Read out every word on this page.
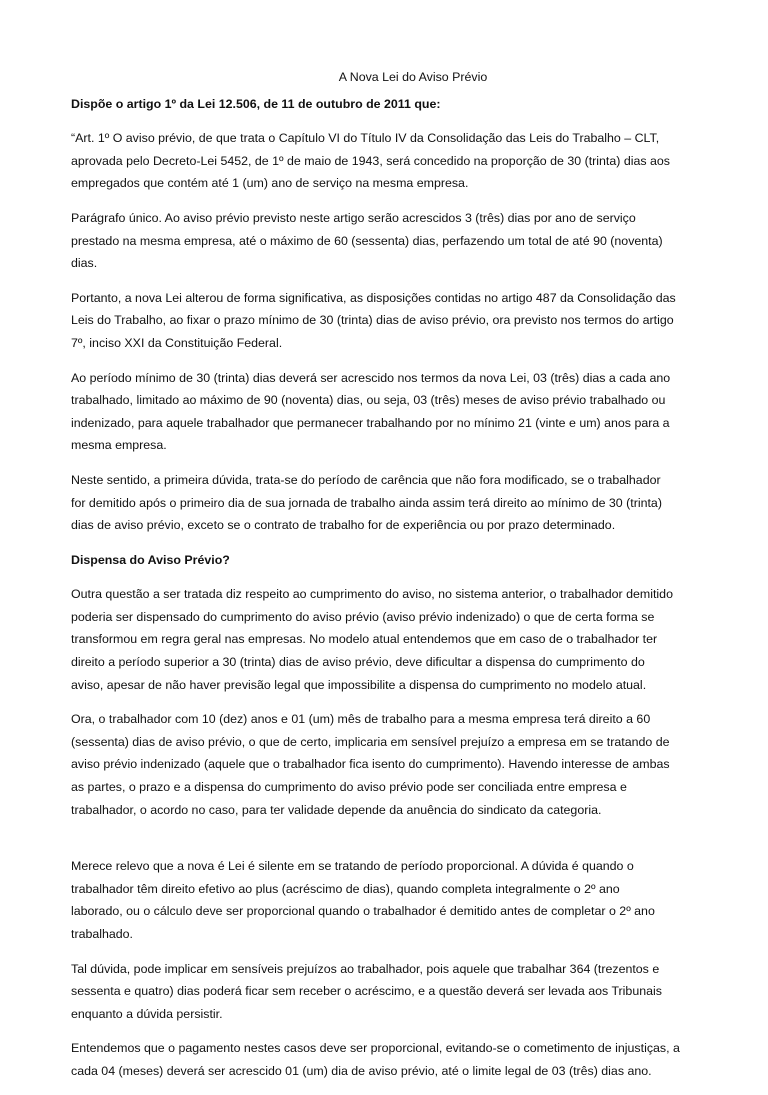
A Nova Lei do Aviso Prévio
Dispõe o artigo 1º da Lei 12.506, de 11 de outubro de 2011 que:
“Art. 1º O aviso prévio, de que trata o Capítulo VI do Título IV da Consolidação das Leis do Trabalho – CLT,
aprovada pelo Decreto-Lei 5452, de 1º de maio de 1943, será concedido na proporção de 30 (trinta) dias aos
empregados que contém até 1 (um) ano de serviço na mesma empresa.
Parágrafo único. Ao aviso prévio previsto neste artigo serão acrescidos 3 (três) dias por ano de serviço
prestado na mesma empresa, até o máximo de 60 (sessenta) dias, perfazendo um total de até 90 (noventa)
dias.
Portanto, a nova Lei alterou de forma significativa, as disposições contidas no artigo 487 da Consolidação das
Leis do Trabalho, ao fixar o prazo mínimo de 30 (trinta) dias de aviso prévio, ora previsto nos termos do artigo
7º, inciso XXI da Constituição Federal.
Ao período mínimo de 30 (trinta) dias deverá ser acrescido nos termos da nova Lei, 03 (três) dias a cada ano
trabalhado, limitado ao máximo de 90 (noventa) dias, ou seja, 03 (três) meses de aviso prévio trabalhado ou
indenizado, para aquele trabalhador que permanecer trabalhando por no mínimo 21 (vinte e um) anos para a
mesma empresa.
Neste sentido, a primeira dúvida, trata-se do período de carência que não fora modificado, se o trabalhador
for demitido após o primeiro dia de sua jornada de trabalho ainda assim terá direito ao mínimo de 30 (trinta)
dias de aviso prévio, exceto se o contrato de trabalho for de experiência ou por prazo determinado.
Dispensa do Aviso Prévio?
Outra questão a ser tratada diz respeito ao cumprimento do aviso, no sistema anterior, o trabalhador demitido
poderia ser dispensado do cumprimento do aviso prévio (aviso prévio indenizado) o que de certa forma se
transformou em regra geral nas empresas. No modelo atual entendemos que em caso de o trabalhador ter
direito a período superior a 30 (trinta) dias de aviso prévio, deve dificultar a dispensa do cumprimento do
aviso, apesar de não haver previsão legal que impossibilite a dispensa do cumprimento no modelo atual.
Ora, o trabalhador com 10 (dez) anos e 01 (um) mês de trabalho para a mesma empresa terá direito a 60
(sessenta) dias de aviso prévio, o que de certo, implicaria em sensível prejuízo a empresa em se tratando de
aviso prévio indenizado (aquele que o trabalhador fica isento do cumprimento). Havendo interesse de ambas
as partes, o prazo e a dispensa do cumprimento do aviso prévio pode ser conciliada entre empresa e
trabalhador, o acordo no caso, para ter validade depende da anuência do sindicato da categoria.
Merece relevo que a nova é Lei é silente em se tratando de período proporcional. A dúvida é quando o
trabalhador têm direito efetivo ao plus (acréscimo de dias), quando completa integralmente o 2º ano
laborado, ou o cálculo deve ser proporcional quando o trabalhador é demitido antes de completar o 2º ano
trabalhado.
Tal dúvida, pode implicar em sensíveis prejuízos ao trabalhador, pois aquele que trabalhar 364 (trezentos e
sessenta e quatro) dias poderá ficar sem receber o acréscimo, e a questão deverá ser levada aos Tribunais
enquanto a dúvida persistir.
Entendemos que o pagamento nestes casos deve ser proporcional, evitando-se o cometimento de injustiças, a
cada 04 (meses) deverá ser acrescido 01 (um) dia de aviso prévio, até o limite legal de 03 (três) dias ano.
